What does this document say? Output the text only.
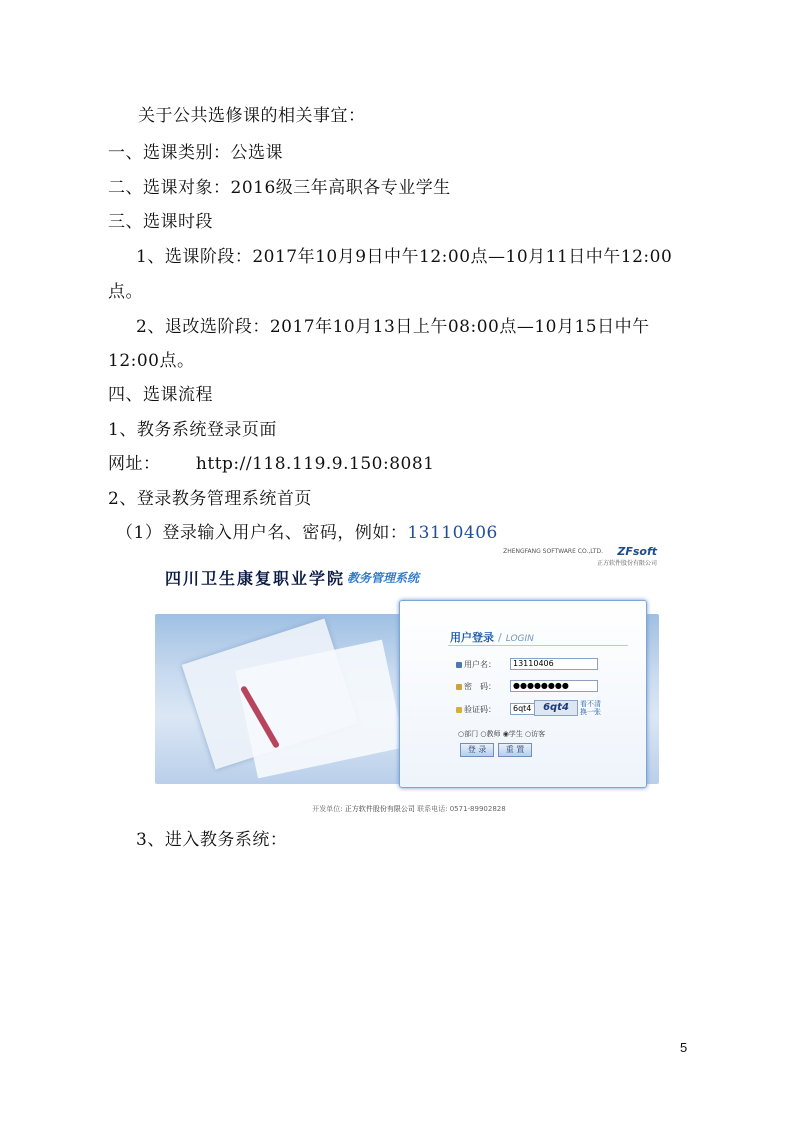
关于公共选修课的相关事宜：
一、选课类别：公选课
二、选课对象：2016级三年高职各专业学生
三、选课时段
1、选课阶段：2017年10月9日中午12:00点—10月11日中午12:00
点。
2、退改选阶段：2017年10月13日上午08:00点—10月15日中午
12:00点。
四、选课流程
1、教务系统登录页面
网址：      http://118.119.9.150:8081
2、登录教务管理系统首页
（1）登录输入用户名、密码，例如：13110406
3、进入教务系统：
ZHENGFANG SOFTWARE CO.,LTD. ZFsoft
正方软件股份有限公司
四川卫生康复职业学院 教务管理系统
用户登录 / LOGIN
用户名：	13110406
密　码：	●●●●●●●●
验证码：	6qt4	6qt4	看不清换一张
○部门 ○教师 ◉学生 ○访客
登 录	重 置
开发单位: 正方软件股份有限公司 联系电话: 0571-89902828
5
